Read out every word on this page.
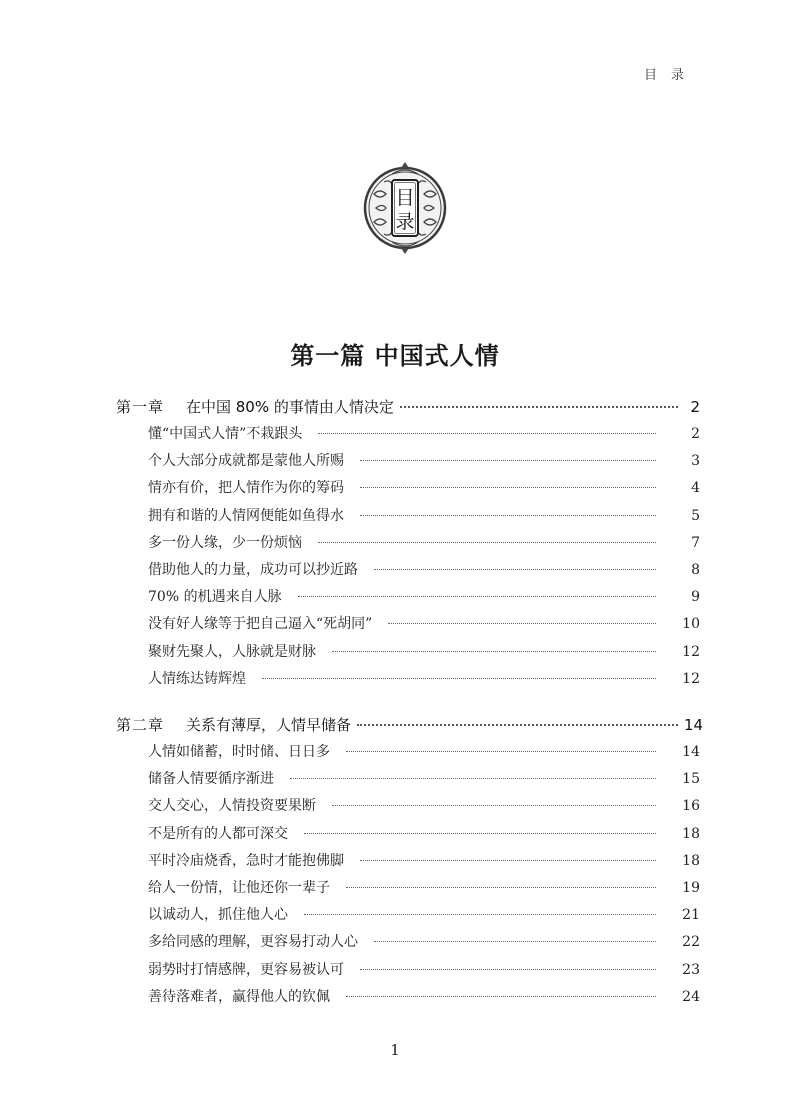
目录
目
录
第一篇 中国式人情
第一章	在中国 80% 的事情由人情决定	2
懂“中国式人情”不栽跟头	2
个人大部分成就都是蒙他人所赐	3
情亦有价，把人情作为你的筹码	4
拥有和谐的人情网便能如鱼得水	5
多一份人缘，少一份烦恼	7
借助他人的力量，成功可以抄近路	8
70% 的机遇来自人脉	9
没有好人缘等于把自己逼入“死胡同”	10
聚财先聚人，人脉就是财脉	12
人情练达铸辉煌	12
第二章	关系有薄厚，人情早储备	14
人情如储蓄，时时储、日日多	14
储备人情要循序渐进	15
交人交心，人情投资要果断	16
不是所有的人都可深交	18
平时冷庙烧香，急时才能抱佛脚	18
给人一份情，让他还你一辈子	19
以诚动人，抓住他人心	21
多给同感的理解，更容易打动人心	22
弱势时打情感牌，更容易被认可	23
善待落难者，赢得他人的钦佩	24
1
